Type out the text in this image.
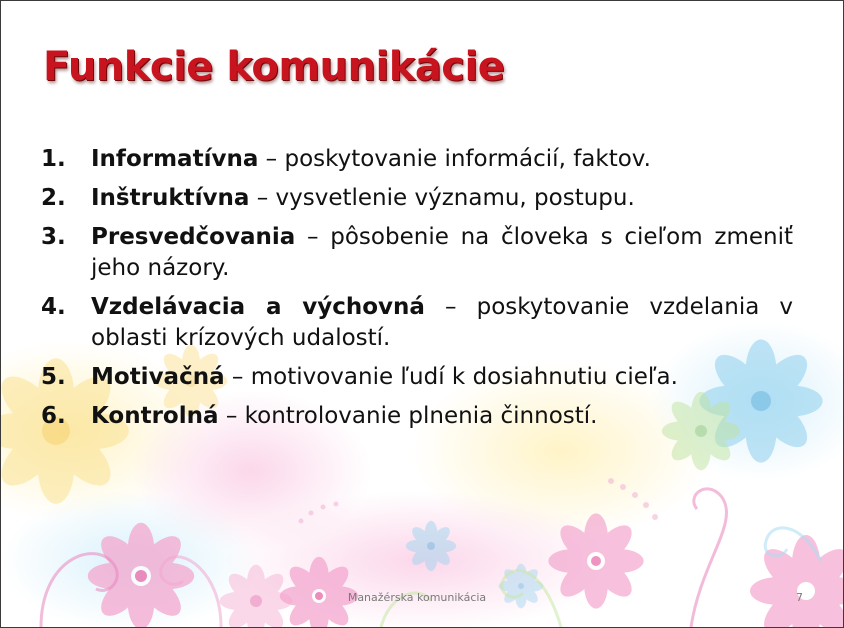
Funkcie komunikácie
1. Informatívna – poskytovanie informácií, faktov.
2. Inštruktívna – vysvetlenie významu, postupu.
3. Presvedčovania – pôsobenie na človeka s cieľom zmeniť jeho názory.
4. Vzdelávacia a výchovná – poskytovanie vzdelania v oblasti krízových udalostí.
5. Motivačná – motivovanie ľudí k dosiahnutiu cieľa.
6. Kontrolná – kontrolovanie plnenia činností.
Manažérska komunikácia	7
